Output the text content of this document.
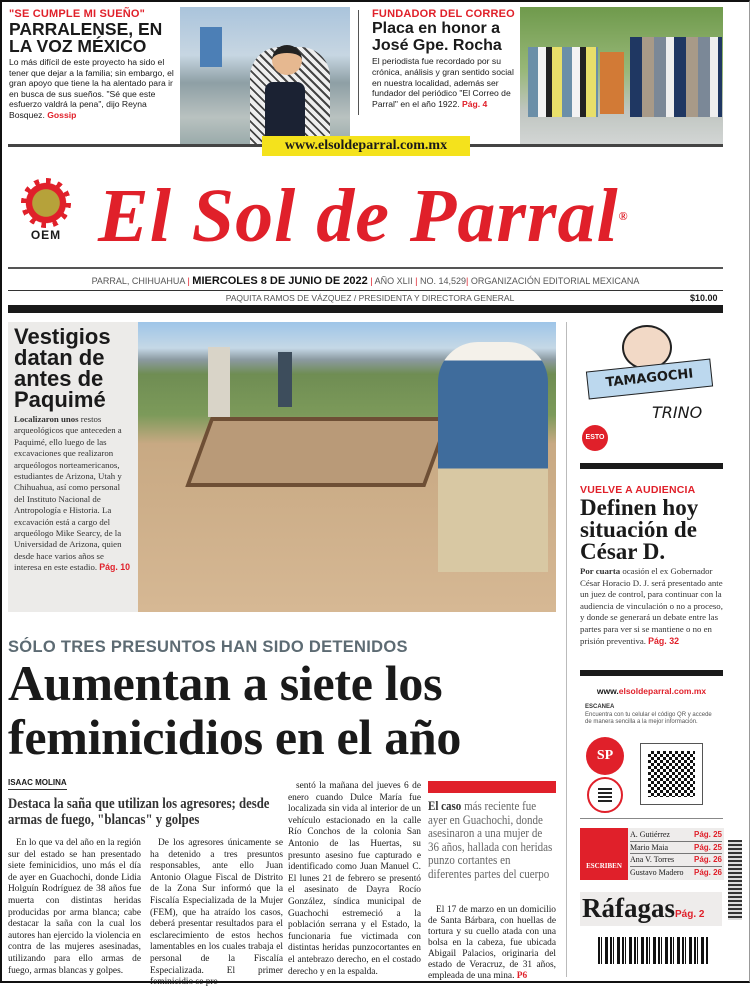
"SE CUMPLE MI SUEÑO"
PARRALENSE, EN LA VOZ MÉXICO
Lo más difícil de este proyecto ha sido el tener que dejar a la familia; sin embargo, el gran apoyo que tiene la ha alentado para ir en busca de sus sueños. "Sé que este esfuerzo valdrá la pena", dijo Reyna Bosquez. Gossip
FUNDADOR DEL CORREO
Placa en honor a José Gpe. Rocha
El periodista fue recordado por su crónica, análisis y gran sentido social en nuestra localidad, además ser fundador del periódico "El Correo de Parral" en el año 1922. Pág. 4
www.elsoldeparral.com.mx
OEM El Sol de Parral®
PARRAL, CHIHUAHUA | MIERCOLES 8 DE JUNIO DE 2022 | AÑO XLII | NO. 14,529| ORGANIZACIÓN EDITORIAL MEXICANA
PAQUITA RAMOS DE VÁZQUEZ / PRESIDENTA Y DIRECTORA GENERAL	$10.00
Vestigios datan de antes de Paquimé
Localizaron unos restos arqueológicos que anteceden a Paquimé, ello luego de las excavaciones que realizaron arqueólogos norteamericanos, estudiantes de Arizona, Utah y Chihuahua, así como personal del Instituto Nacional de Antropología e Historia. La excavación está a cargo del arqueólogo Mike Searcy, de la Universidad de Arizona, quien desde hace varios años se interesa en este estadio. Pág. 10
TAMAGOCHI
TRINO
ESTO
VUELVE A AUDIENCIA
Definen hoy situación de César D.
Por cuarta ocasión el ex Gobernador César Horacio D. J. será presentado ante un juez de control, para continuar con la audiencia de vinculación o no a proceso, y donde se generará un debate entre las partes para ver si se mantiene o no en prisión preventiva. Pág. 32
SÓLO TRES PRESUNTOS HAN SIDO DETENIDOS
Aumentan a siete los feminicidios en el año
ISAAC MOLINA
Destaca la saña que utilizan los agresores; desde armas de fuego, "blancas" y golpes
En lo que va del año en la región sur del estado se han presentado siete feminicidios, uno más el día de ayer en Guachochi, donde Lidia Holguín Rodríguez de 38 años fue muerta con distintas heridas producidas por arma blanca; cabe destacar la saña con la cual los autores han ejercido la violencia en contra de las mujeres asesinadas, utilizando para ello armas de fuego, armas blancas y golpes.
De los agresores únicamente se ha detenido a tres presuntos responsables, ante ello Juan Antonio Olague Fiscal de Distrito de la Zona Sur informó que la Fiscalía Especializada de la Mujer (FEM), que ha atraído los casos, deberá presentar resultados para el esclarecimiento de estos hechos lamentables en los cuales trabaja el personal de la Fiscalía Especializada. El primer feminicidio se pre-
sentó la mañana del jueves 6 de enero cuando Dulce María fue localizada sin vida al interior de un vehículo estacionado en la calle Río Conchos de la colonia San Antonio de las Huertas, su presunto asesino fue capturado e identificado como Juan Manuel C. El lunes 21 de febrero se presentó el asesinato de Dayra Rocío González, síndica municipal de Guachochi estremeció a la población serrana y el Estado, la funcionaria fue victimada con distintas heridas punzocortantes en el antebrazo derecho, en el costado derecho y en la espalda.
El caso más reciente fue ayer en Guachochi, donde asesinaron a una mujer de 36 años, hallada con heridas punzo cortantes en diferentes partes del cuerpo
El 17 de marzo en un domicilio de Santa Bárbara, con huellas de tortura y su cuello atada con una bolsa en la cabeza, fue ubicada Abigail Palacios, originaria del estado de Veracruz, de 31 años, empleada de una mina. P6
www.elsoldeparral.com.mx
ESCANEA
Encuentra con tu celular el código QR y accede de manera sencilla a la mejor información.
SP
ESCRIBEN
A. Gutiérrez	Pág. 25
Mario Maia	Pág. 25
Ana V. Torres Pág. 26
Gustavo Madero Pág. 26
RáfagasPág. 2
